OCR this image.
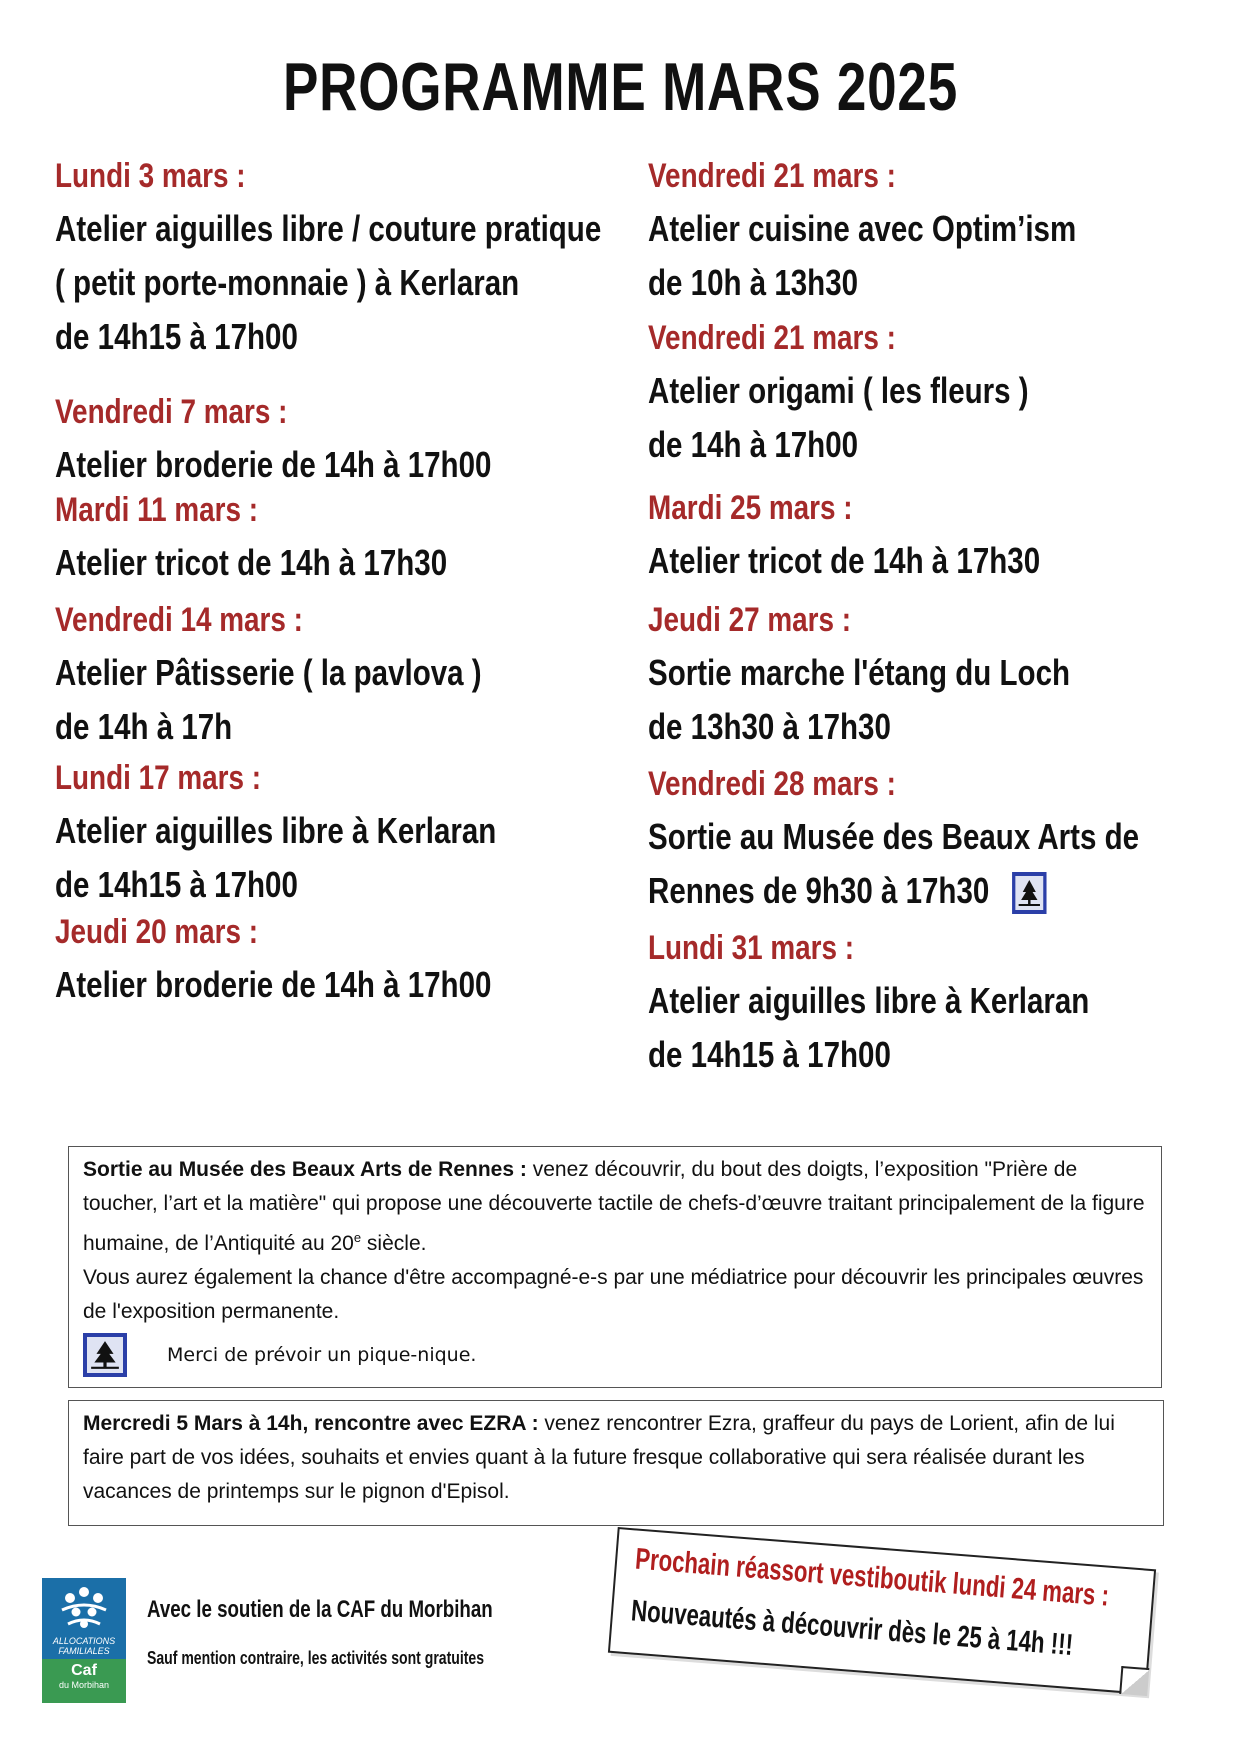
PROGRAMME MARS 2025
Lundi 3 mars :
Atelier aiguilles libre / couture pratique
( petit porte-monnaie ) à Kerlaran
de 14h15 à 17h00
Vendredi 7 mars :
Atelier broderie de 14h à 17h00
Mardi 11 mars :
Atelier tricot de 14h à 17h30
Vendredi 14 mars :
Atelier Pâtisserie ( la pavlova )
de 14h à 17h
Lundi 17 mars :
Atelier aiguilles libre à Kerlaran
de 14h15 à 17h00
Jeudi 20 mars :
Atelier broderie de 14h à 17h00
Vendredi 21 mars :
Atelier cuisine avec Optim’ism
de 10h à 13h30
Vendredi 21 mars :
Atelier origami ( les fleurs )
de 14h à 17h00
Mardi 25 mars :
Atelier tricot de 14h à 17h30
Jeudi 27 mars :
Sortie marche l'étang du Loch
de 13h30 à 17h30
Vendredi 28 mars :
Sortie au Musée des Beaux Arts de
Rennes de 9h30 à 17h30
Lundi 31 mars :
Atelier aiguilles libre à Kerlaran
de 14h15 à 17h00
Sortie au Musée des Beaux Arts de Rennes : venez découvrir, du bout des doigts, l’exposition "Prière de toucher, l’art et la matière" qui propose une découverte tactile de chefs-d’œuvre traitant principalement de la figure humaine, de l’Antiquité au 20e siècle.
Vous aurez également la chance d'être accompagné-e-s par une médiatrice pour découvrir les principales œuvres de l'exposition permanente.
Merci de prévoir un pique-nique.
Mercredi 5 Mars à 14h, rencontre avec EZRA : venez rencontrer Ezra, graffeur du pays de Lorient, afin de lui faire part de vos idées, souhaits et envies quant à la future fresque collaborative qui sera réalisée durant les vacances de printemps sur le pignon d'Episol.
ALLOCATIONS
FAMILIALES
Caf
du Morbihan
Avec le soutien de la CAF du Morbihan
Sauf mention contraire, les activités sont gratuites
Prochain réassort vestiboutik lundi 24 mars :
Nouveautés à découvrir dès le 25 à 14h !!!
